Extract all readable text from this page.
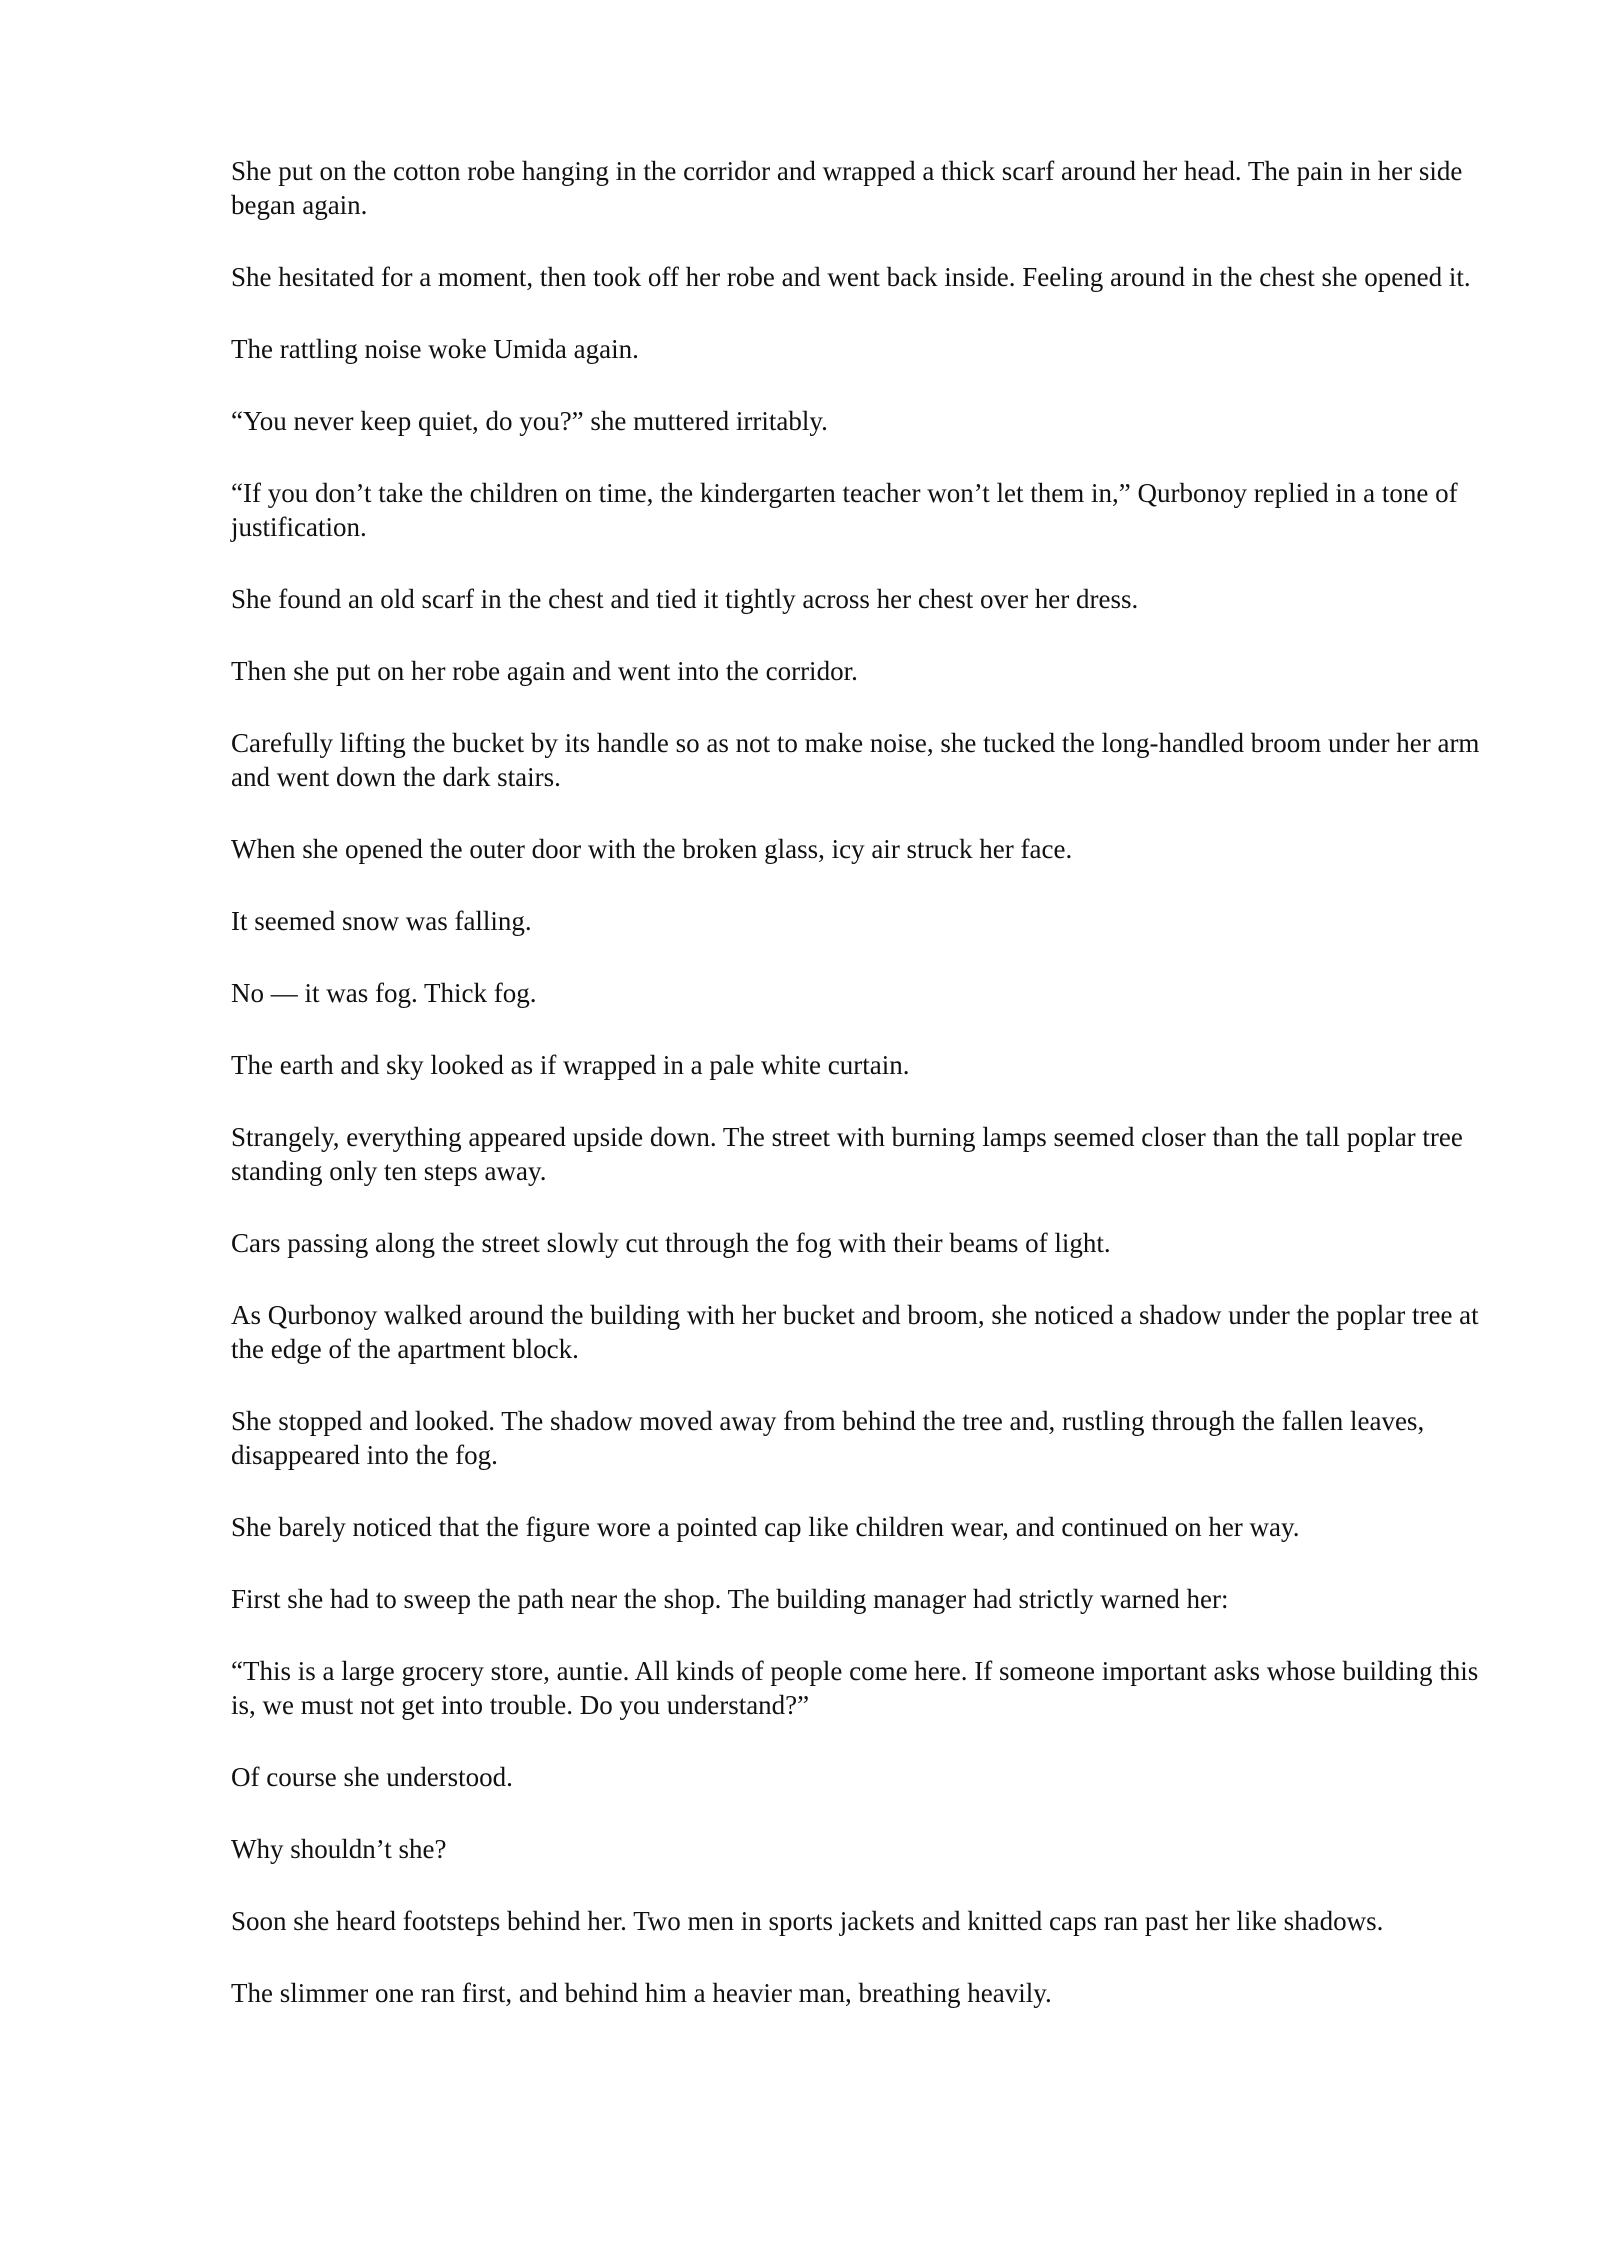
She put on the cotton robe hanging in the corridor and wrapped a thick scarf around her head. The pain in her side began again.

She hesitated for a moment, then took off her robe and went back inside. Feeling around in the chest she opened it.

The rattling noise woke Umida again.

“You never keep quiet, do you?” she muttered irritably.

“If you don’t take the children on time, the kindergarten teacher won’t let them in,” Qurbonoy replied in a tone of justification.

She found an old scarf in the chest and tied it tightly across her chest over her dress.

Then she put on her robe again and went into the corridor.

Carefully lifting the bucket by its handle so as not to make noise, she tucked the long-handled broom under her arm and went down the dark stairs.

When she opened the outer door with the broken glass, icy air struck her face.

It seemed snow was falling.

No — it was fog. Thick fog.

The earth and sky looked as if wrapped in a pale white curtain.

Strangely, everything appeared upside down. The street with burning lamps seemed closer than the tall poplar tree standing only ten steps away.

Cars passing along the street slowly cut through the fog with their beams of light.

As Qurbonoy walked around the building with her bucket and broom, she noticed a shadow under the poplar tree at the edge of the apartment block.

She stopped and looked. The shadow moved away from behind the tree and, rustling through the fallen leaves, disappeared into the fog.

She barely noticed that the figure wore a pointed cap like children wear, and continued on her way.

First she had to sweep the path near the shop. The building manager had strictly warned her:

“This is a large grocery store, auntie. All kinds of people come here. If someone important asks whose building this is, we must not get into trouble. Do you understand?”

Of course she understood.

Why shouldn’t she?

Soon she heard footsteps behind her. Two men in sports jackets and knitted caps ran past her like shadows.

The slimmer one ran first, and behind him a heavier man, breathing heavily.
